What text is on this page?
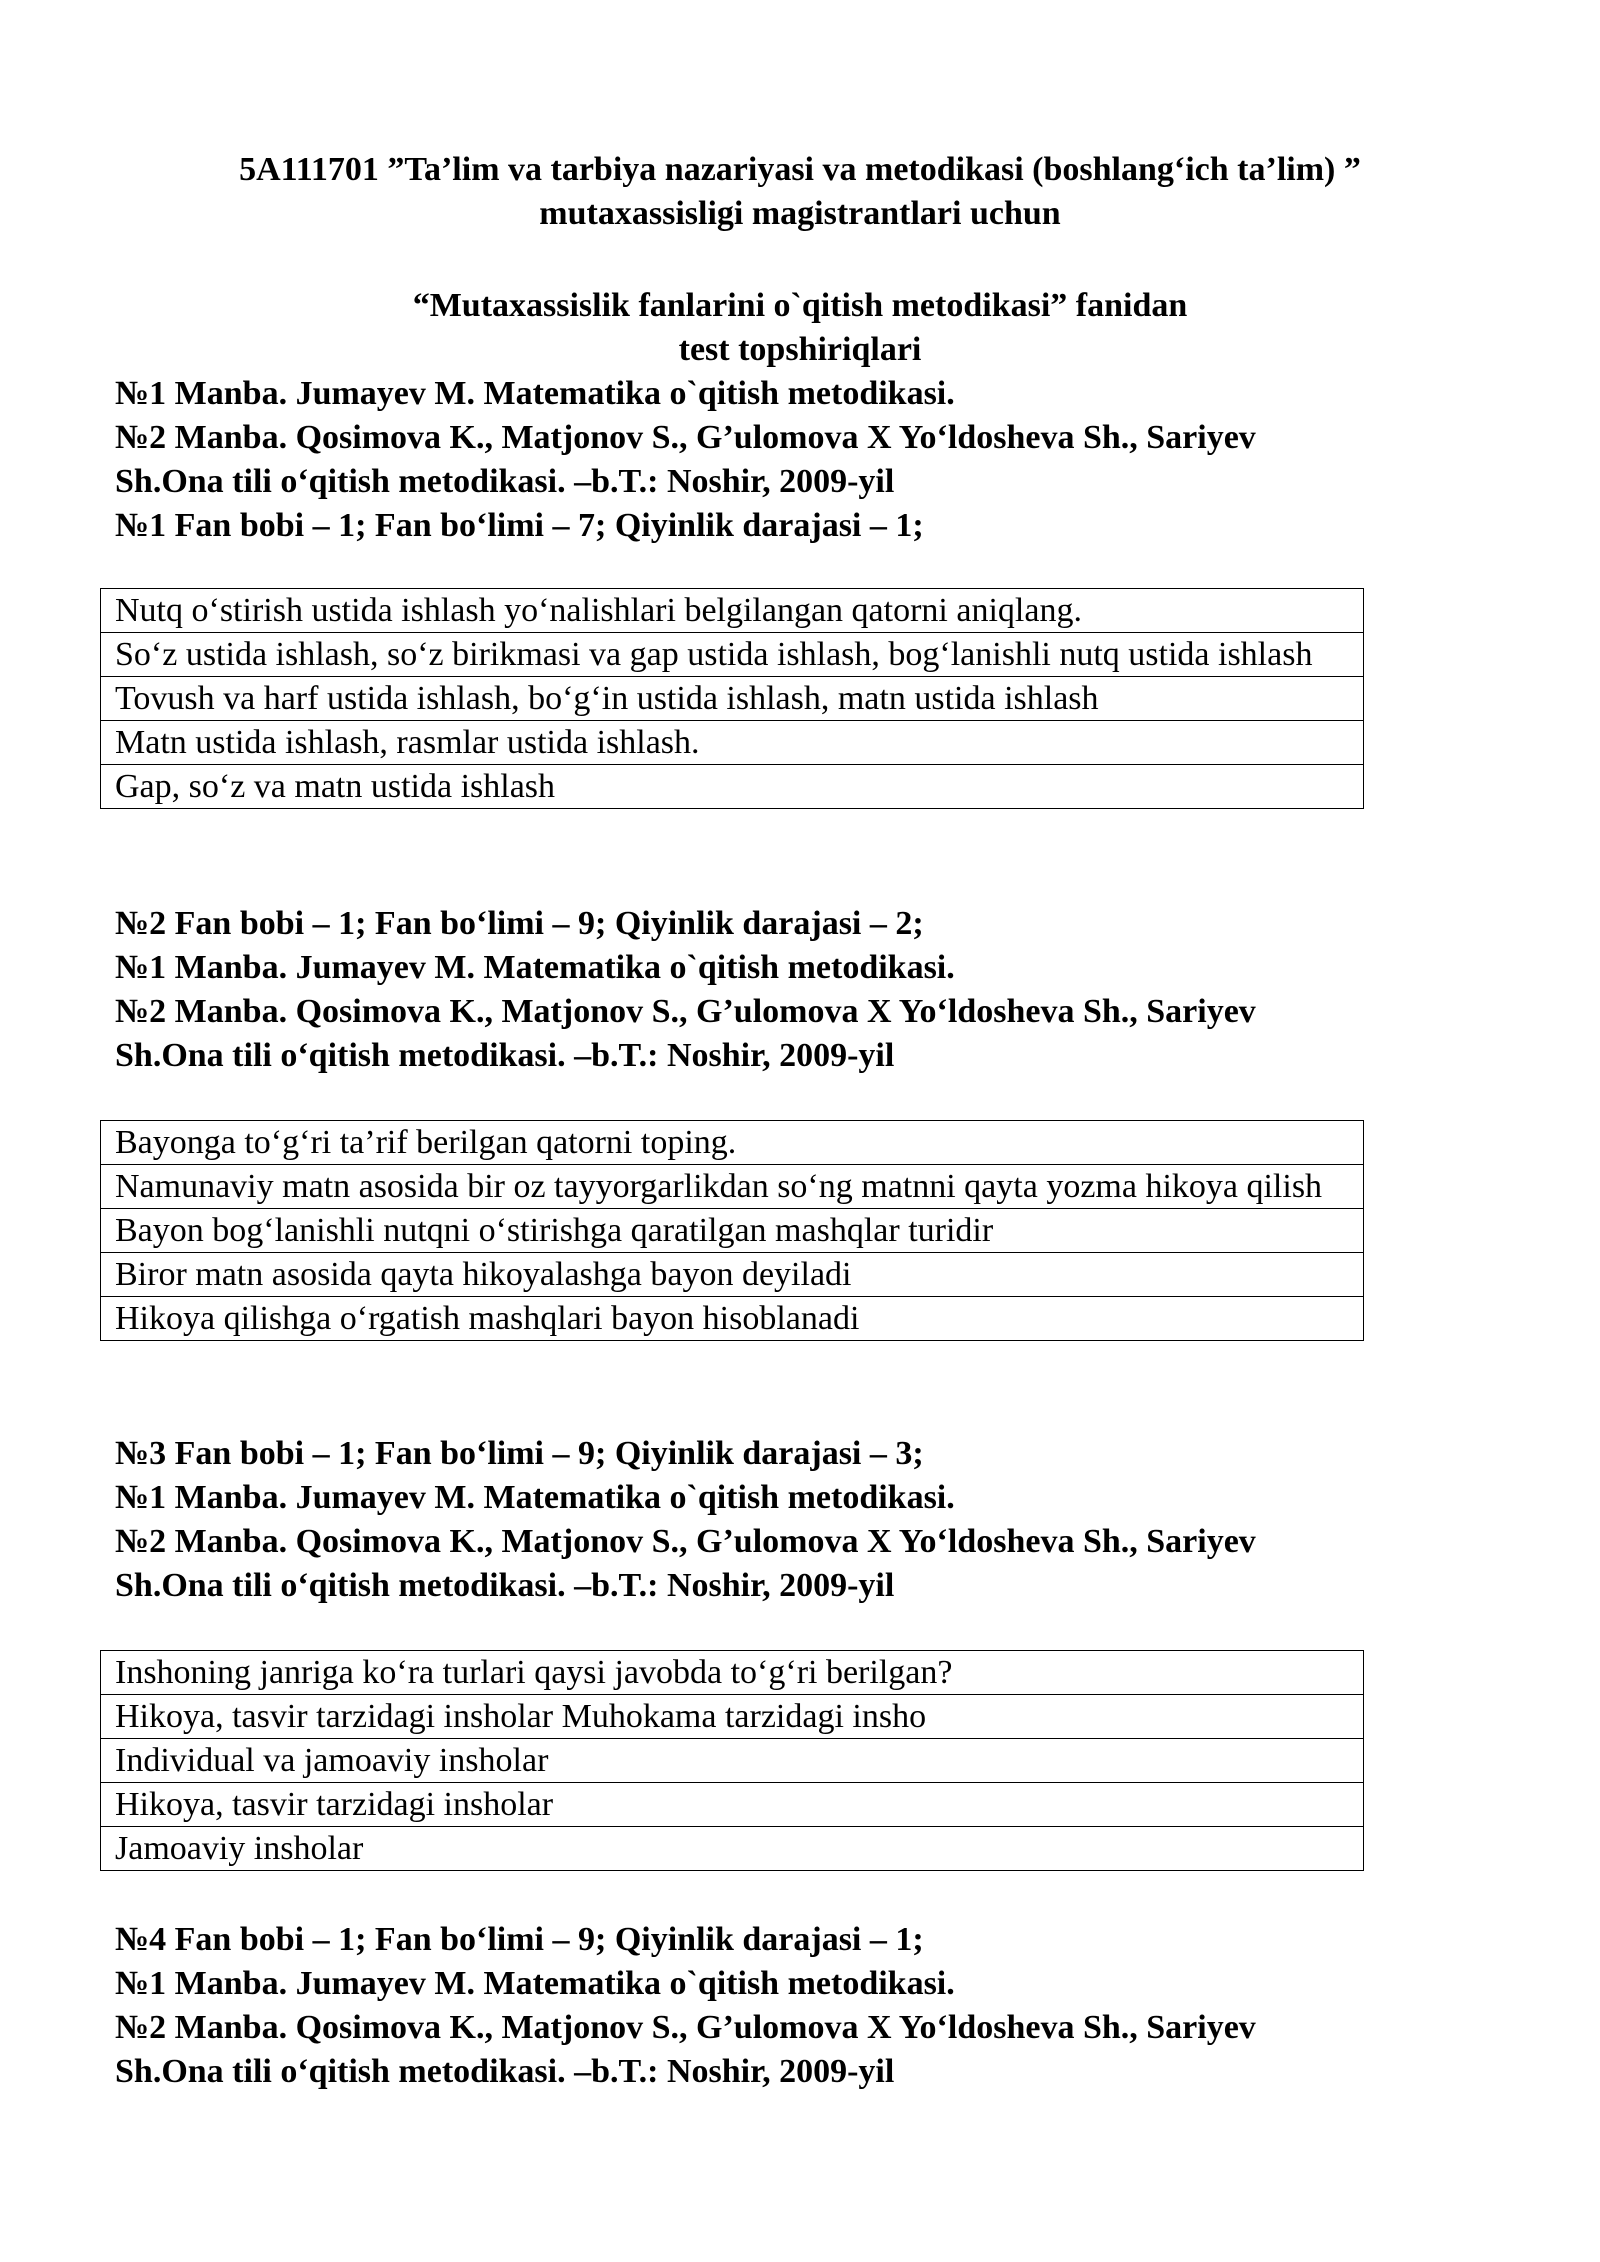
5A111701 ”Ta’lim va tarbiya nazariyasi va metodikasi (boshlang‘ich ta’lim) ”
mutaxassisligi magistrantlari uchun
“Mutaxassislik fanlarini o`qitish metodikasi” fanidan
test topshiriqlari
№1 Manba. Jumayev M. Matematika o`qitish metodikasi.
№2 Manba. Qosimova K., Matjonov S., G’ulomova X Yo‘ldosheva Sh., Sariyev
Sh.Ona tili o‘qitish metodikasi. –b.T.: Noshir, 2009-yil
№1 Fan bobi – 1; Fan bo‘limi – 7; Qiyinlik darajasi – 1;
Nutq o‘stirish ustida ishlash yo‘nalishlari belgilangan qatorni aniqlang.
So‘z ustida ishlash, so‘z birikmasi va gap ustida ishlash, bog‘lanishli nutq ustida ishlash
Tovush va harf ustida ishlash, bo‘g‘in ustida ishlash, matn ustida ishlash
Matn ustida ishlash, rasmlar ustida ishlash.
Gap, so‘z va matn ustida ishlash
№2 Fan bobi – 1; Fan bo‘limi – 9; Qiyinlik darajasi – 2;
№1 Manba. Jumayev M. Matematika o`qitish metodikasi.
№2 Manba. Qosimova K., Matjonov S., G’ulomova X Yo‘ldosheva Sh., Sariyev
Sh.Ona tili o‘qitish metodikasi. –b.T.: Noshir, 2009-yil
Bayonga to‘g‘ri ta’rif berilgan qatorni toping.
Namunaviy matn asosida bir oz tayyorgarlikdan so‘ng matnni qayta yozma hikoya qilish
Bayon bog‘lanishli nutqni o‘stirishga qaratilgan mashqlar turidir
Biror matn asosida qayta hikoyalashga bayon deyiladi
Hikoya qilishga o‘rgatish mashqlari bayon hisoblanadi
№3 Fan bobi – 1; Fan bo‘limi – 9; Qiyinlik darajasi – 3;
№1 Manba. Jumayev M. Matematika o`qitish metodikasi.
№2 Manba. Qosimova K., Matjonov S., G’ulomova X Yo‘ldosheva Sh., Sariyev
Sh.Ona tili o‘qitish metodikasi. –b.T.: Noshir, 2009-yil
Inshoning janriga ko‘ra turlari qaysi javobda to‘g‘ri berilgan?
Hikoya, tasvir tarzidagi insholar Muhokama tarzidagi insho
Individual va jamoaviy insholar
Hikoya, tasvir tarzidagi insholar
Jamoaviy insholar
№4 Fan bobi – 1; Fan bo‘limi – 9; Qiyinlik darajasi – 1;
№1 Manba. Jumayev M. Matematika o`qitish metodikasi.
№2 Manba. Qosimova K., Matjonov S., G’ulomova X Yo‘ldosheva Sh., Sariyev
Sh.Ona tili o‘qitish metodikasi. –b.T.: Noshir, 2009-yil
